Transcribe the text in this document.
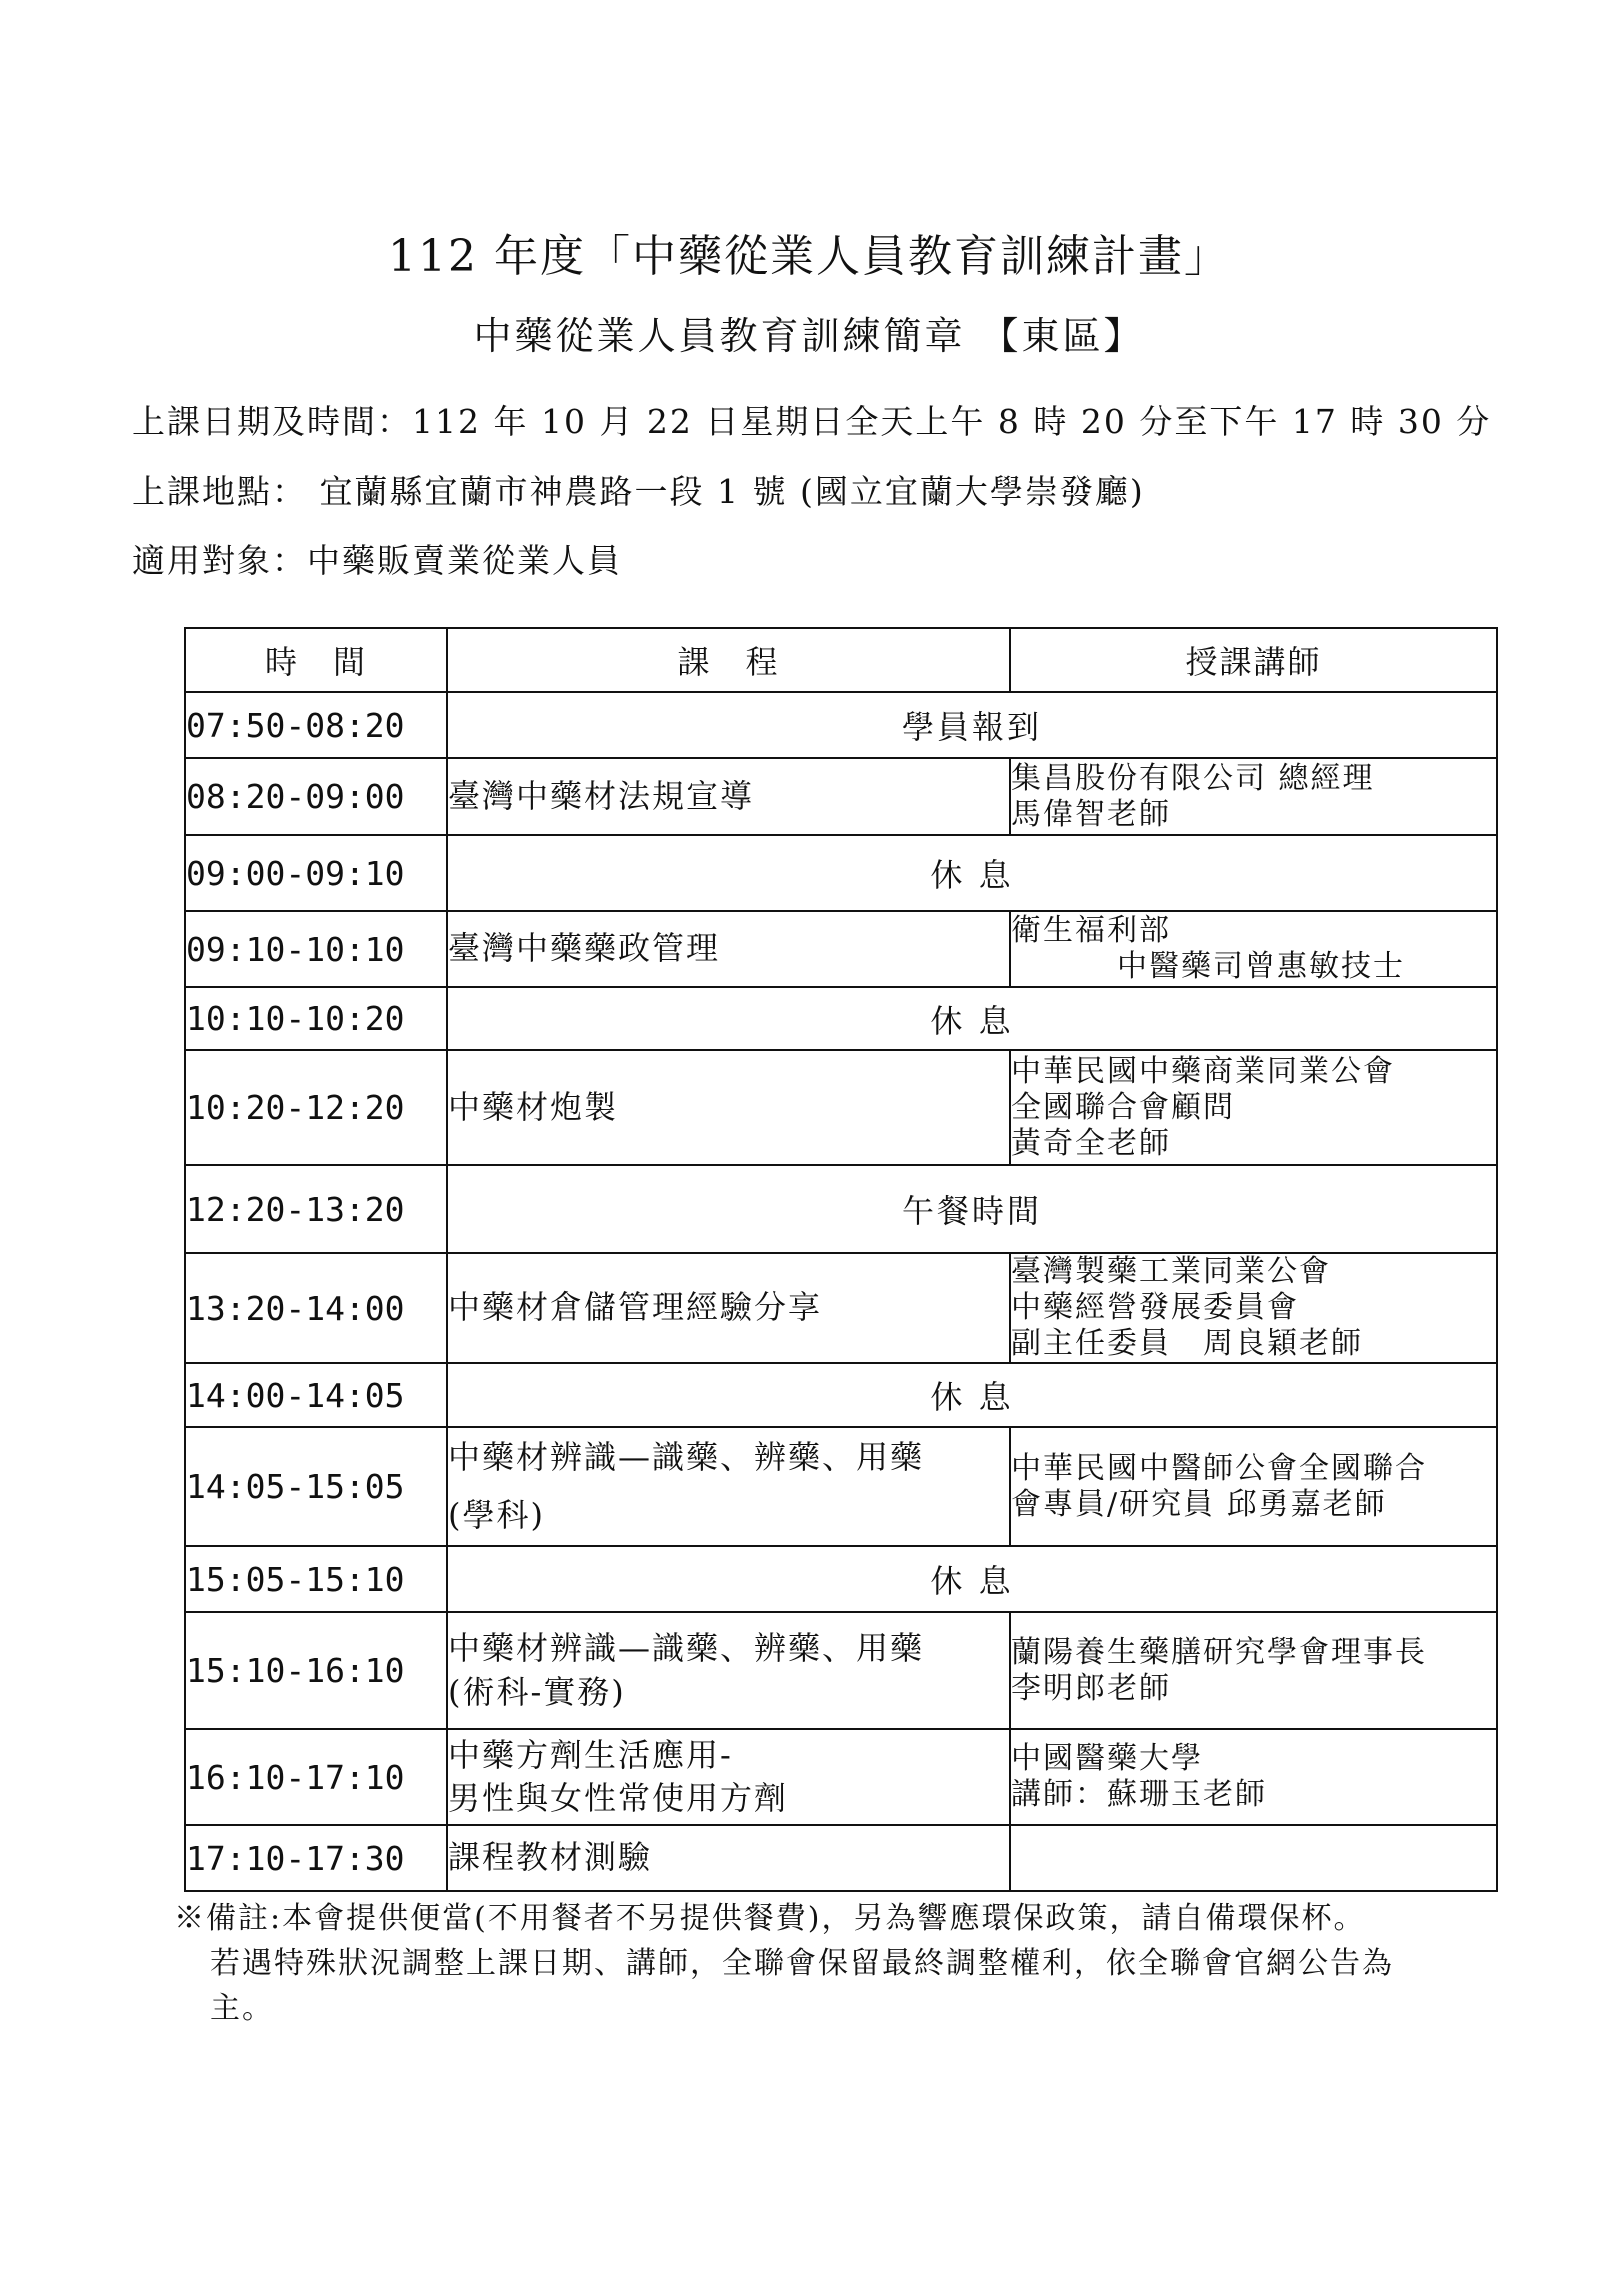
112 年度「中藥從業人員教育訓練計畫」
中藥從業人員教育訓練簡章 【東區】
上課日期及時間：112 年 10 月 22 日星期日全天上午 8 時 20 分至下午 17 時 30 分
上課地點： 宜蘭縣宜蘭市神農路一段 1 號 (國立宜蘭大學崇發廳)
適用對象：中藥販賣業從業人員
時　間	課　程	授課講師
07:50-08:20	學員報到	
08:20-09:00	臺灣中藥材法規宣導	集昌股份有限公司 總經理
馬偉智老師

09:00-09:10	休 息	
09:10-10:10	臺灣中藥藥政管理	衛生福利部
中醫藥司曾惠敏技士

10:10-10:20	休 息	
10:20-12:20	中藥材炮製	中華民國中藥商業同業公會
全國聯合會顧問
黃奇全老師

12:20-13:20	午餐時間	
13:20-14:00	中藥材倉儲管理經驗分享	臺灣製藥工業同業公會
中藥經營發展委員會
副主任委員　周良穎老師

14:00-14:05	休 息	
14:05-15:05	中藥材辨識—識藥、辨藥、用藥
(學科)	中華民國中醫師公會全國聯合
會專員/研究員 邱勇嘉老師

15:05-15:10	休 息	
15:10-16:10	中藥材辨識—識藥、辨藥、用藥
(術科-實務)	蘭陽養生藥膳研究學會理事長
李明郎老師

16:10-17:10	中藥方劑生活應用-
男性與女性常使用方劑	中國醫藥大學
講師：蘇珊玉老師

17:10-17:30	課程教材測驗	

※備註:本會提供便當(不用餐者不另提供餐費)，另為響應環保政策，請自備環保杯。
若遇特殊狀況調整上課日期、講師，全聯會保留最終調整權利，依全聯會官網公告為
主。
